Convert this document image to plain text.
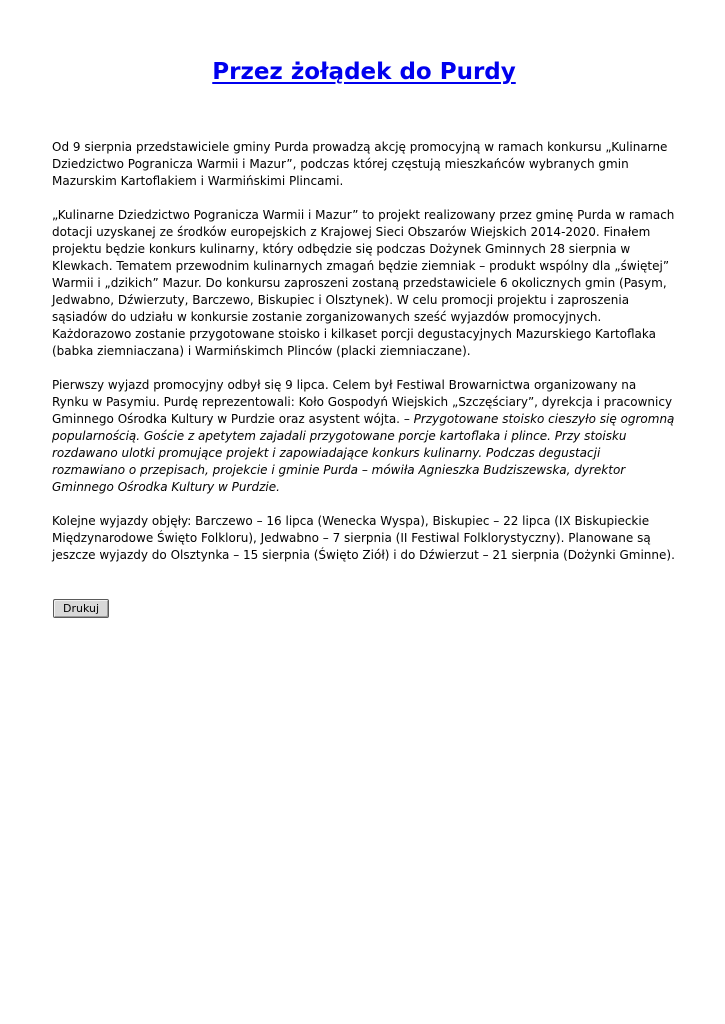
Przez żołądek do Purdy

Od 9 sierpnia przedstawiciele gminy Purda prowadzą akcję promocyjną w ramach konkursu „Kulinarne Dziedzictwo Pogranicza Warmii i Mazur”, podczas której częstują mieszkańców wybranych gmin Mazurskim Kartoflakiem i Warmińskimi Plincami.

„Kulinarne Dziedzictwo Pogranicza Warmii i Mazur” to projekt realizowany przez gminę Purda w ramach dotacji uzyskanej ze środków europejskich z Krajowej Sieci Obszarów Wiejskich 2014-2020. Finałem projektu będzie konkurs kulinarny, który odbędzie się podczas Dożynek Gminnych 28 sierpnia w Klewkach. Tematem przewodnim kulinarnych zmagań będzie ziemniak – produkt wspólny dla „świętej” Warmii i „dzikich” Mazur. Do konkursu zaproszeni zostaną przedstawiciele 6 okolicznych gmin (Pasym, Jedwabno, Dźwierzuty, Barczewo, Biskupiec i Olsztynek). W celu promocji projektu i zaproszenia sąsiadów do udziału w konkursie zostanie zorganizowanych sześć wyjazdów promocyjnych. Każdorazowo zostanie przygotowane stoisko i kilkaset porcji degustacyjnych Mazurskiego Kartoflaka (babka ziemniaczana) i Warmińskimch Plinców (placki ziemniaczane).

Pierwszy wyjazd promocyjny odbył się 9 lipca. Celem był Festiwal Browarnictwa organizowany na Rynku w Pasymiu. Purdę reprezentowali: Koło Gospodyń Wiejskich „Szczęściary”, dyrekcja i pracownicy Gminnego Ośrodka Kultury w Purdzie oraz asystent wójta. – Przygotowane stoisko cieszyło się ogromną popularnością. Goście z apetytem zajadali przygotowane porcje kartoflaka i plince. Przy stoisku rozdawano ulotki promujące projekt i zapowiadające konkurs kulinarny. Podczas degustacji rozmawiano o przepisach, projekcie i gminie Purda – mówiła Agnieszka Budziszewska, dyrektor Gminnego Ośrodka Kultury w Purdzie.

Kolejne wyjazdy objęły: Barczewo – 16 lipca (Wenecka Wyspa), Biskupiec – 22 lipca (IX Biskupieckie Międzynarodowe Święto Folkloru), Jedwabno – 7 sierpnia (II Festiwal Folklorystyczny). Planowane są jeszcze wyjazdy do Olsztynka – 15 sierpnia (Święto Ziół) i do Dźwierzut – 21 sierpnia (Dożynki Gminne).

Drukuj
